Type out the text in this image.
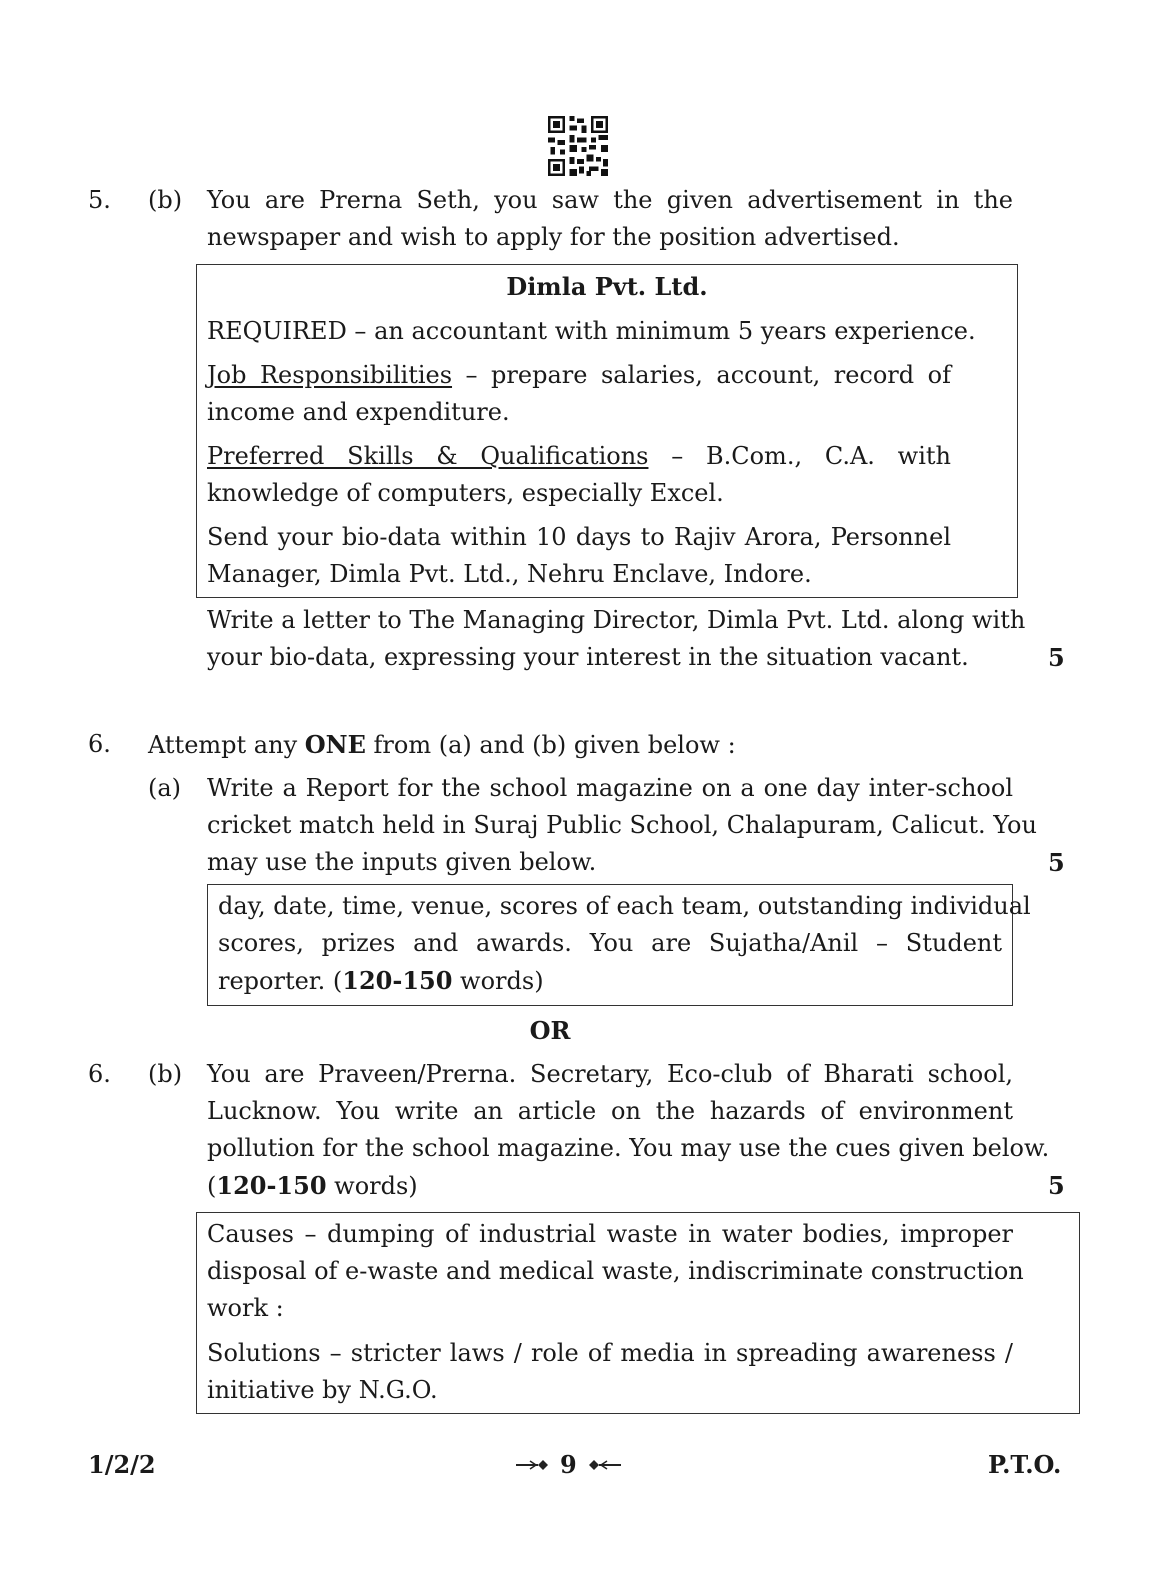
5. (b) You are Prerna Seth, you saw the given advertisement in the
newspaper and wish to apply for the position advertised.
Dimla Pvt. Ltd.
REQUIRED – an accountant with minimum 5 years experience.
Job Responsibilities – prepare salaries, account, record of
income and expenditure.
Preferred Skills & Qualifications – B.Com., C.A. with
knowledge of computers, especially Excel.
Send your bio-data within 10 days to Rajiv Arora, Personnel
Manager, Dimla Pvt. Ltd., Nehru Enclave, Indore.
Write a letter to The Managing Director, Dimla Pvt. Ltd. along with
your bio-data, expressing your interest in the situation vacant.	5
6. Attempt any ONE from (a) and (b) given below :
(a) Write a Report for the school magazine on a one day inter-school
cricket match held in Suraj Public School, Chalapuram, Calicut. You
may use the inputs given below.	5
day, date, time, venue, scores of each team, outstanding individual
scores, prizes and awards. You are Sujatha/Anil – Student
reporter. (120-150 words)
OR
6. (b) You are Praveen/Prerna. Secretary, Eco-club of Bharati school,
Lucknow. You write an article on the hazards of environment
pollution for the school magazine. You may use the cues given below.
(120-150 words)	5
Causes – dumping of industrial waste in water bodies, improper
disposal of e-waste and medical waste, indiscriminate construction
work :
Solutions – stricter laws / role of media in spreading awareness /
initiative by N.G.O.
1/2/2	9	P.T.O.
